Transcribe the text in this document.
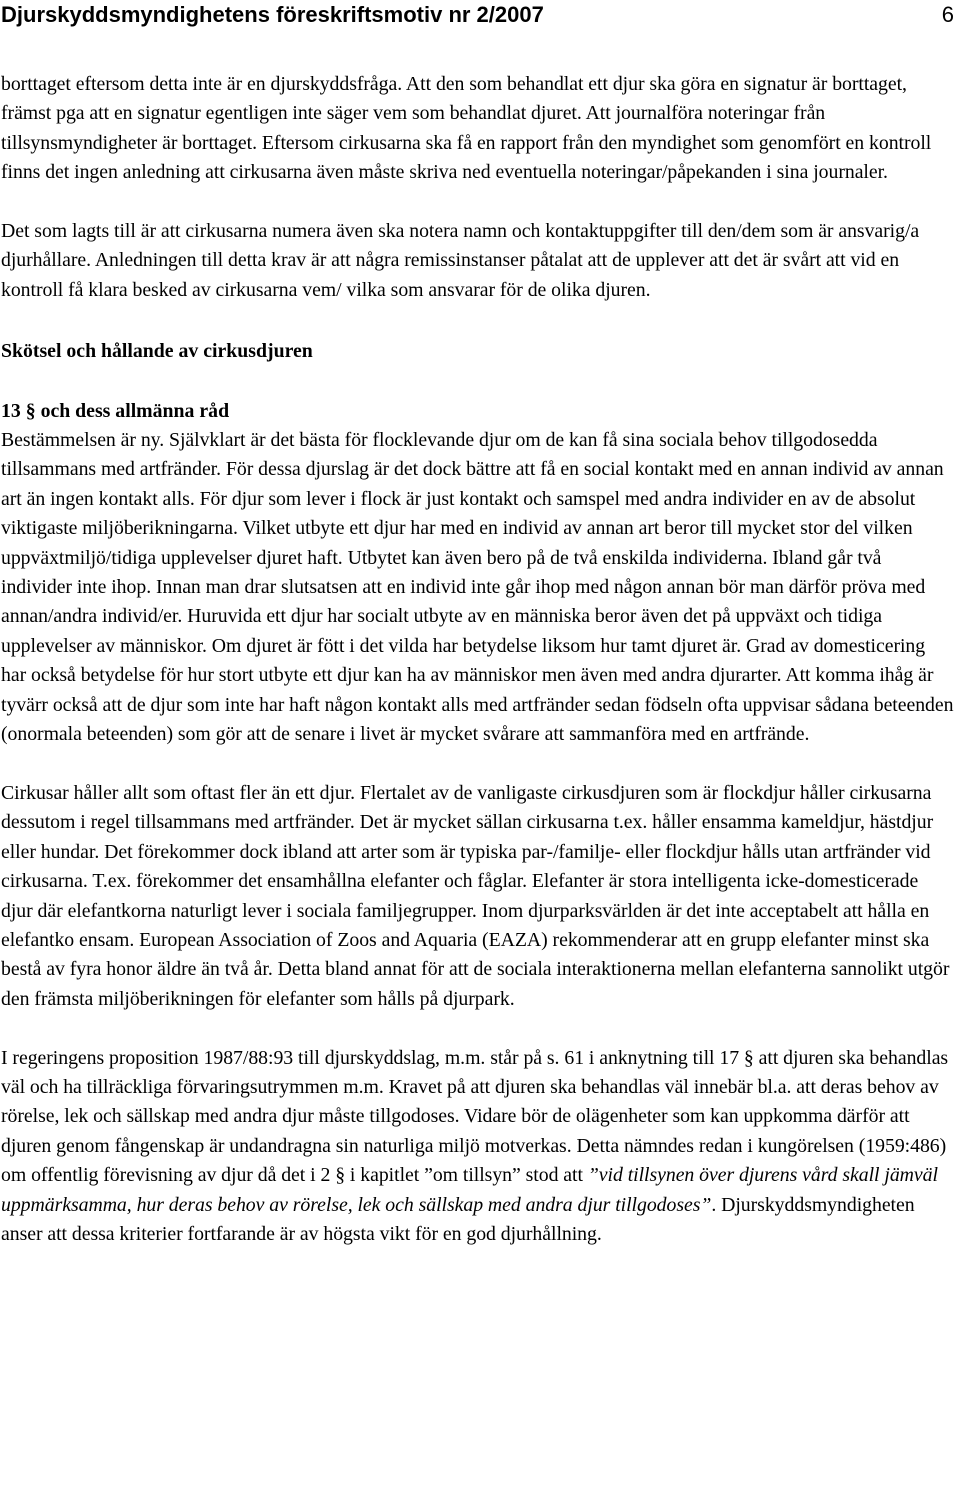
Djurskyddsmyndighetens föreskriftsmotiv nr 2/2007	6

borttaget eftersom detta inte är en djurskyddsfråga. Att den som behandlat ett djur ska göra en signatur är borttaget, främst pga att en signatur egentligen inte säger vem som behandlat djuret. Att journalföra noteringar från tillsynsmyndigheter är borttaget. Eftersom cirkusarna ska få en rapport från den myndighet som genomfört en kontroll finns det ingen anledning att cirkusarna även måste skriva ned eventuella noteringar/påpekanden i sina journaler.

Det som lagts till är att cirkusarna numera även ska notera namn och kontaktuppgifter till den/dem som är ansvarig/a djurhållare. Anledningen till detta krav är att några remissinstanser påtalat att de upplever att det är svårt att vid en kontroll få klara besked av cirkusarna vem/ vilka som ansvarar för de olika djuren.

Skötsel och hållande av cirkusdjuren
13 § och dess allmänna råd

Bestämmelsen är ny. Självklart är det bästa för flocklevande djur om de kan få sina sociala behov tillgodosedda tillsammans med artfränder. För dessa djurslag är det dock bättre att få en social kontakt med en annan individ av annan art än ingen kontakt alls. För djur som lever i flock är just kontakt och samspel med andra individer en av de absolut viktigaste miljöberikningarna. Vilket utbyte ett djur har med en individ av annan art beror till mycket stor del vilken uppväxtmiljö/tidiga upplevelser djuret haft. Utbytet kan även bero på de två enskilda individerna. Ibland går två individer inte ihop. Innan man drar slutsatsen att en individ inte går ihop med någon annan bör man därför pröva med annan/andra individ/er. Huruvida ett djur har socialt utbyte av en människa beror även det på uppväxt och tidiga upplevelser av människor. Om djuret är fött i det vilda har betydelse liksom hur tamt djuret är. Grad av domesticering har också betydelse för hur stort utbyte ett djur kan ha av människor men även med andra djurarter. Att komma ihåg är tyvärr också att de djur som inte har haft någon kontakt alls med artfränder sedan födseln ofta uppvisar sådana beteenden (onormala beteenden) som gör att de senare i livet är mycket svårare att sammanföra med en artfrände.

Cirkusar håller allt som oftast fler än ett djur. Flertalet av de vanligaste cirkusdjuren som är flockdjur håller cirkusarna dessutom i regel tillsammans med artfränder. Det är mycket sällan cirkusarna t.ex. håller ensamma kameldjur, hästdjur eller hundar. Det förekommer dock ibland att arter som är typiska par-/familje- eller flockdjur hålls utan artfränder vid cirkusarna. T.ex. förekommer det ensamhållna elefanter och fåglar. Elefanter är stora intelligenta icke-domesticerade djur där elefantkorna naturligt lever i sociala familjegrupper. Inom djurparksvärlden är det inte acceptabelt att hålla en elefantko ensam. European Association of Zoos and Aquaria (EAZA) rekommenderar att en grupp elefanter minst ska bestå av fyra honor äldre än två år. Detta bland annat för att de sociala interaktionerna mellan elefanterna sannolikt utgör den främsta miljöberikningen för elefanter som hålls på djurpark.

I regeringens proposition 1987/88:93 till djurskyddslag, m.m. står på s. 61 i anknytning till 17 § att djuren ska behandlas väl och ha tillräckliga förvaringsutrymmen m.m. Kravet på att djuren ska behandlas väl innebär bl.a. att deras behov av rörelse, lek och sällskap med andra djur måste tillgodoses. Vidare bör de olägenheter som kan uppkomma därför att djuren genom fångenskap är undandragna sin naturliga miljö motverkas. Detta nämndes redan i kungörelsen (1959:486) om offentlig förevisning av djur då det i 2 § i kapitlet ”om tillsyn” stod att ”vid tillsynen över djurens vård skall jämväl uppmärksamma, hur deras behov av rörelse, lek och sällskap med andra djur tillgodoses”. Djurskyddsmyndigheten anser att dessa kriterier fortfarande är av högsta vikt för en god djurhållning.
